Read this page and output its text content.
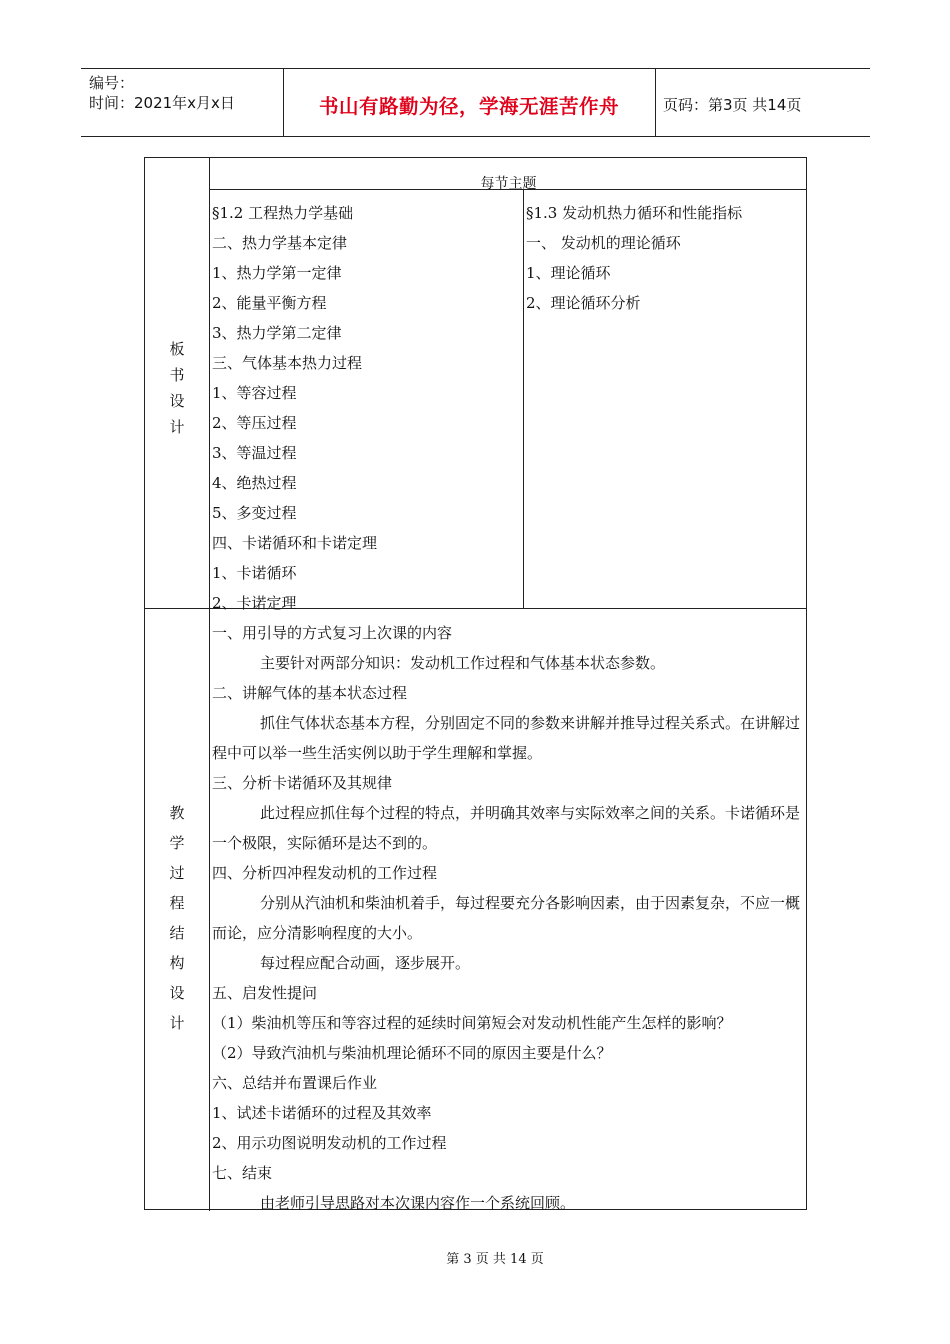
编号：
时间：2021年x月x日	书山有路勤为径，学海无涯苦作舟	页码：第3页 共14页
板
书
设
计
每节主题
§1.2 工程热力学基础
二、热力学基本定律
1、热力学第一定律
2、能量平衡方程
3、热力学第二定律
三、气体基本热力过程
1、等容过程
2、等压过程
3、等温过程
4、绝热过程
5、多变过程
四、卡诺循环和卡诺定理
1、卡诺循环
2、卡诺定理
§1.3 发动机热力循环和性能指标
一、 发动机的理论循环
1、理论循环
2、理论循环分析
教
学
过
程
结
构
设
计
一、用引导的方式复习上次课的内容
主要针对两部分知识：发动机工作过程和气体基本状态参数。
二、讲解气体的基本状态过程
抓住气体状态基本方程，分别固定不同的参数来讲解并推导过程关系式。在讲解过程中可以举一些生活实例以助于学生理解和掌握。
三、分析卡诺循环及其规律
此过程应抓住每个过程的特点，并明确其效率与实际效率之间的关系。卡诺循环是一个极限，实际循环是达不到的。
四、分析四冲程发动机的工作过程
分别从汽油机和柴油机着手，每过程要充分各影响因素，由于因素复杂，不应一概而论，应分清影响程度的大小。
每过程应配合动画，逐步展开。
五、启发性提问
（1）柴油机等压和等容过程的延续时间第短会对发动机性能产生怎样的影响？
（2）导致汽油机与柴油机理论循环不同的原因主要是什么？
六、总结并布置课后作业
1、试述卡诺循环的过程及其效率
2、用示功图说明发动机的工作过程
七、结束
由老师引导思路对本次课内容作一个系统回顾。
第 3 页 共 14 页
